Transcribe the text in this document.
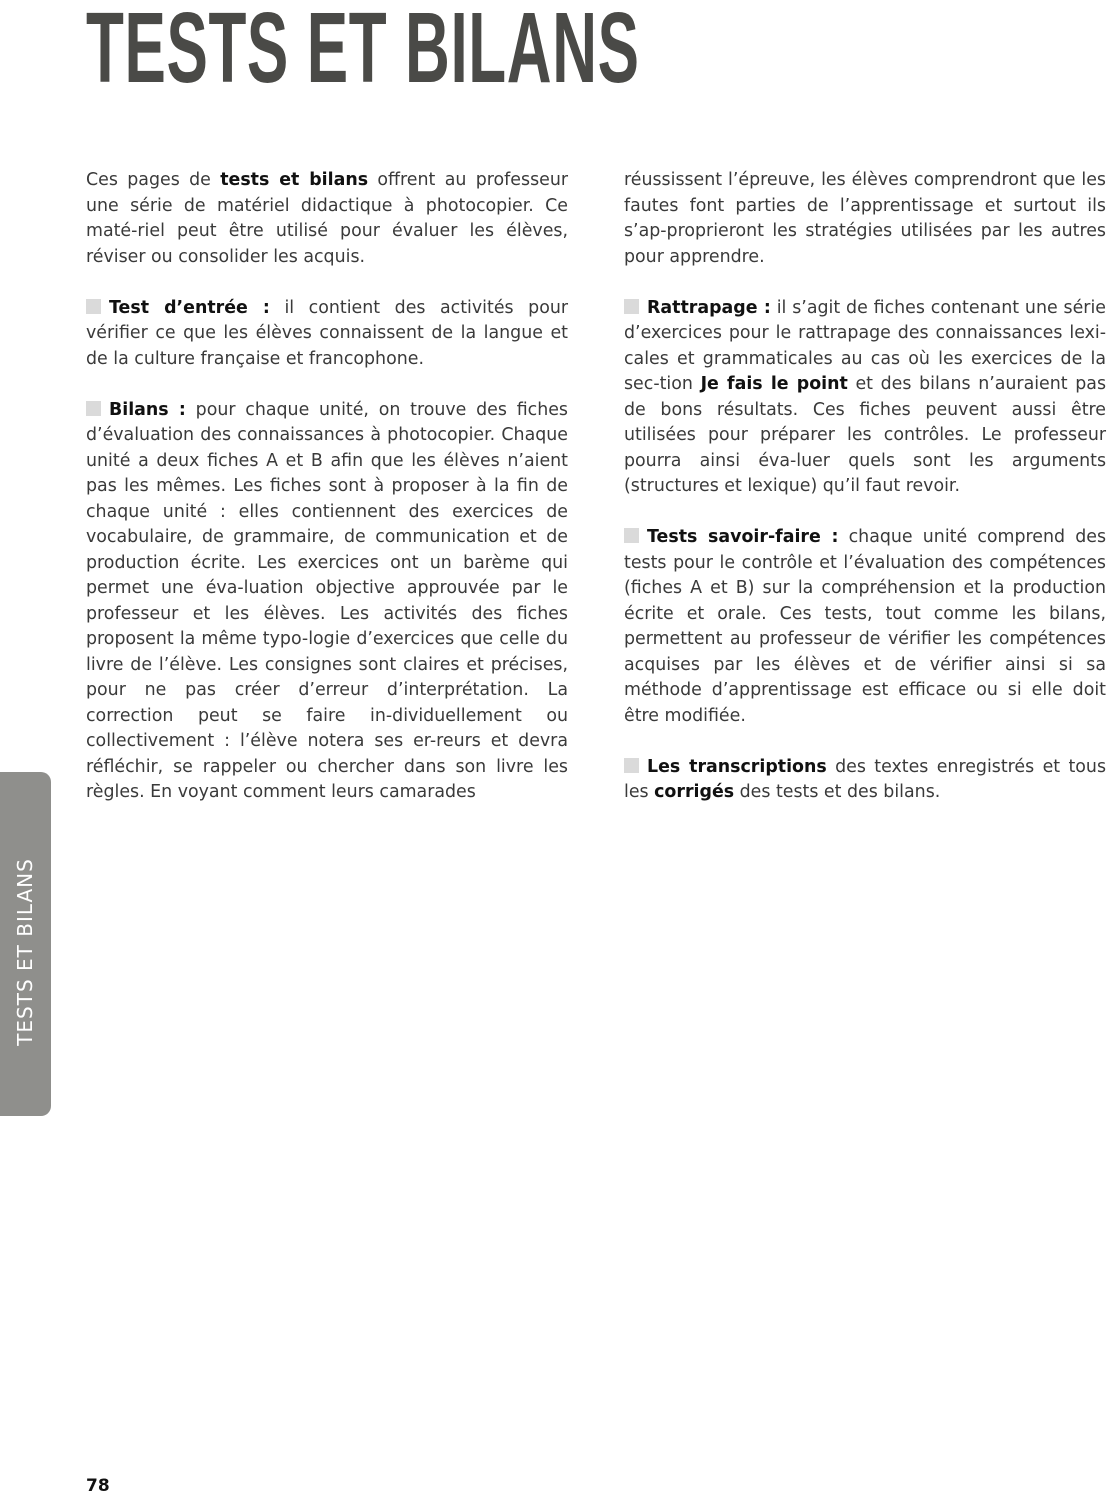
TESTS ET BILANS

Ces pages de tests et bilans offrent au professeur une série de matériel didactique à photocopier. Ce maté-riel peut être utilisé pour évaluer les élèves, réviser ou consolider les acquis.

Test d’entrée : il contient des activités pour vérifier ce que les élèves connaissent de la langue et de la culture française et francophone.

Bilans : pour chaque unité, on trouve des fiches d’évaluation des connaissances à photocopier. Chaque unité a deux fiches A et B afin que les élèves n’aient pas les mêmes. Les fiches sont à proposer à la fin de chaque unité : elles contiennent des exercices de vocabulaire, de grammaire, de communication et de production écrite. Les exercices ont un barème qui permet une éva-luation objective approuvée par le professeur et les élèves. Les activités des fiches proposent la même typo-logie d’exercices que celle du livre de l’élève. Les consignes sont claires et précises, pour ne pas créer d’erreur d’interprétation. La correction peut se faire in-dividuellement ou collectivement : l’élève notera ses er-reurs et devra réfléchir, se rappeler ou chercher dans son livre les règles. En voyant comment leurs camarades

réussissent l’épreuve, les élèves comprendront que les fautes font parties de l’apprentissage et surtout ils s’ap-proprieront les stratégies utilisées par les autres pour apprendre.

Rattrapage : il s’agit de fiches contenant une série d’exercices pour le rattrapage des connaissances lexi-cales et grammaticales au cas où les exercices de la sec-tion Je fais le point et des bilans n’auraient pas de bons résultats. Ces fiches peuvent aussi être utilisées pour préparer les contrôles. Le professeur pourra ainsi éva-luer quels sont les arguments (structures et lexique) qu’il faut revoir.

Tests savoir-faire : chaque unité comprend des tests pour le contrôle et l’évaluation des compétences (fiches A et B) sur la compréhension et la production écrite et orale. Ces tests, tout comme les bilans, permettent au professeur de vérifier les compétences acquises par les élèves et de vérifier ainsi si sa méthode d’apprentissage est efficace ou si elle doit être modifiée.

Les transcriptions des textes enregistrés et tous les corrigés des tests et des bilans.

TESTS ET BILANS
78
